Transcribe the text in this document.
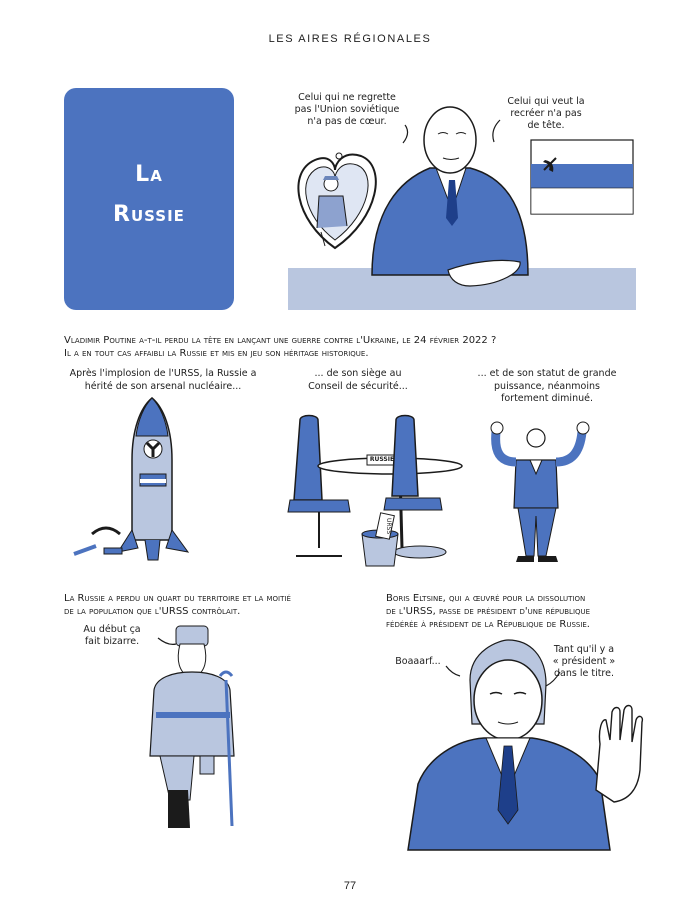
LES AIRES RÉGIONALES
La
Russie
Celui qui ne regrette
pas l'Union soviétique
n'a pas de cœur.
Celui qui veut la
recréer n'a pas
de tête.
Vladimir Poutine a-t-il perdu la tête en lançant une guerre contre l'Ukraine, le 24 février 2022 ?
Il a en tout cas affaibli la Russie et mis en jeu son héritage historique.
Après l'implosion de l'URSS, la Russie a
hérité de son arsenal nucléaire...
... de son siège au
Conseil de sécurité...
... et de son statut de grande
puissance, néanmoins
fortement diminué.
RUSSIE
URSS
La Russie a perdu un quart du territoire et la moitié
de la population que l'URSS contrôlait.
Au début ça
fait bizarre.
Boris Eltsine, qui a œuvré pour la dissolution
de l'URSS, passe de président d'une république
fédérée à président de la République de Russie.
Boaaarf...
Tant qu'il y a
« président »
dans le titre.
77
